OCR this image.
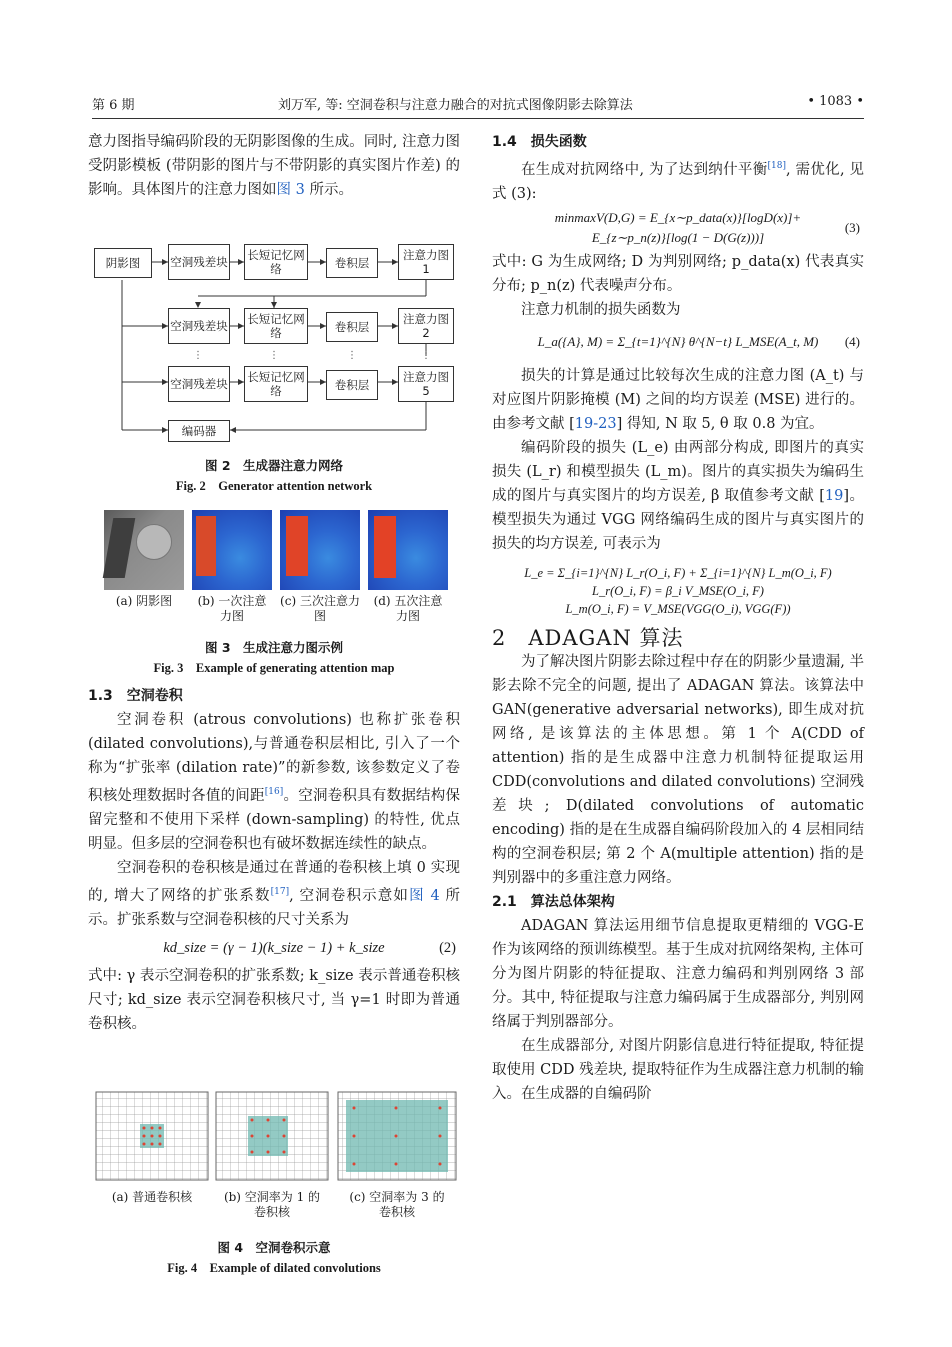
第 6 期	刘万军, 等: 空洞卷积与注意力融合的对抗式图像阴影去除算法	• 1083 •

意力图指导编码阶段的无阴影图像的生成。同时, 注意力图受阴影模板 (带阴影的图片与不带阴影的真实图片作差) 的影响。具体图片的注意力图如图 3 所示。

⋮	⋮	⋮	⋮
阴影图	空洞残差块 长短记忆网络	卷积层
注意力图 1
空洞残差块 长短记忆网络	卷积层
注意力图 2
空洞残差块 长短记忆网络	卷积层
注意力图 5
编码器
图 2　生成器注意力网络
Fig. 2　Generator attention network
(a) 阴影图	(b) 一次注意力图
(c) 三次注意力图
(d) 五次注意力图
图 3　生成注意力图示例
Fig. 3　Example of generating attention map

1.3　空洞卷积

空洞卷积 (atrous convolutions) 也称扩张卷积 (dilated convolutions),与普通卷积层相比, 引入了一个称为“扩张率 (dilation rate)”的新参数, 该参数定义了卷积核处理数据时各值的间距[16]。空洞卷积具有数据结构保留完整和不使用下采样 (down-sampling) 的特性, 优点明显。但多层的空洞卷积也有破坏数据连续性的缺点。

空洞卷积的卷积核是通过在普通的卷积核上填 0 实现的, 增大了网络的扩张系数[17], 空洞卷积示意如图 4 所示。扩张系数与空洞卷积核的尺寸关系为

kd_size = (γ − 1)(k_size − 1) + k_size	(2)

式中: γ 表示空洞卷积的扩张系数; k_size 表示普通卷积核尺寸; kd_size 表示空洞卷积核尺寸, 当 γ=1 时即为普通卷积核。

(a) 普通卷积核	(b) 空洞率为 1 的卷积核
(c) 空洞率为 3 的卷积核
图 4　空洞卷积示意
Fig. 4　Example of dilated convolutions

1.4　损失函数

在生成对抗网络中, 为了达到纳什平衡[18], 需优化, 见式 (3):

minmaxV(D,G) = E_{x∼p_data(x)}[logD(x)]+
E_{z∼p_n(z)}[log(1 − D(G(z)))]
(3)

式中: G 为生成网络; D 为判别网络; p_data(x) 代表真实分布; p_n(z) 代表噪声分布。

注意力机制的损失函数为

L_a({A}, M) = Σ_{t=1}^{N} θ^{N−t} L_MSE(A_t, M) (4)

损失的计算是通过比较每次生成的注意力图 (A_t) 与对应图片阴影掩模 (M) 之间的均方误差 (MSE) 进行的。由参考文献 [19-23] 得知, N 取 5, θ 取 0.8 为宜。

编码阶段的损失 (L_e) 由两部分构成, 即图片的真实损失 (L_r) 和模型损失 (L_m)。图片的真实损失为编码生成的图片与真实图片的均方误差, β 取值参考文献 [19]。模型损失为通过 VGG 网络编码生成的图片与真实图片的损失的均方误差, 可表示为

L_e = Σ_{i=1}^{N} L_r(O_i, F) + Σ_{i=1}^{N} L_m(O_i, F)
L_r(O_i, F) = β_i V_MSE(O_i, F)
L_m(O_i, F) = V_MSE(VGG(O_i), VGG(F))

2　ADAGAN 算法

为了解决图片阴影去除过程中存在的阴影少量遗漏, 半影去除不完全的问题, 提出了 ADAGAN 算法。该算法中 GAN(generative adversarial networks), 即生成对抗网络, 是该算法的主体思想。第 1 个 A(CDD of attention) 指的是生成器中注意力机制特征提取运用 CDD(convolutions and dilated convolutions) 空洞残差块; D(dilated convolutions of automatic encoding) 指的是在生成器自编码阶段加入的 4 层相同结构的空洞卷积层; 第 2 个 A(multiple attention) 指的是判别器中的多重注意力网络。

2.1　算法总体架构

ADAGAN 算法运用细节信息提取更精细的 VGG-E 作为该网络的预训练模型。基于生成对抗网络架构, 主体可分为图片阴影的特征提取、注意力编码和判别网络 3 部分。其中, 特征提取与注意力编码属于生成器部分, 判别网络属于判别器部分。

在生成器部分, 对图片阴影信息进行特征提取, 特征提取使用 CDD 残差块, 提取特征作为生成器注意力机制的输入。在生成器的自编码阶
